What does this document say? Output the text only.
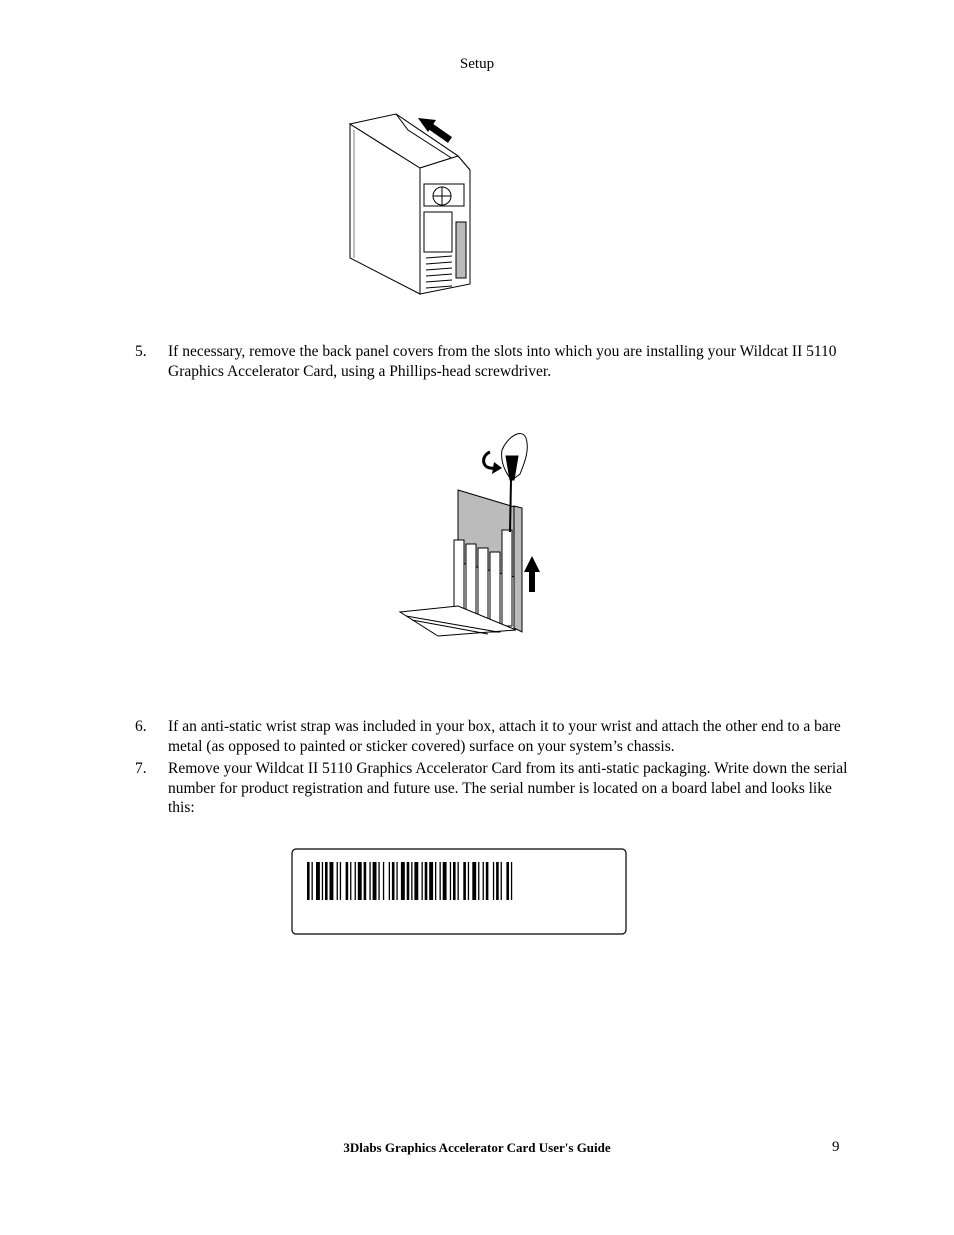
Setup
5. If necessary, remove the back panel covers from the slots into which you are installing your Wildcat II 5110 Graphics Accelerator Card, using a Phillips-head screwdriver.
6. If an anti-static wrist strap was included in your box, attach it to your wrist and attach the other end to a bare metal (as opposed to painted or sticker covered) surface on your system’s chassis.
7. Remove your Wildcat II 5110 Graphics Accelerator Card from its anti-static packaging. Write down the serial number for product registration and future use. The serial number is located on a board label and looks like this:
3Dlabs Graphics Accelerator Card User's Guide	9
